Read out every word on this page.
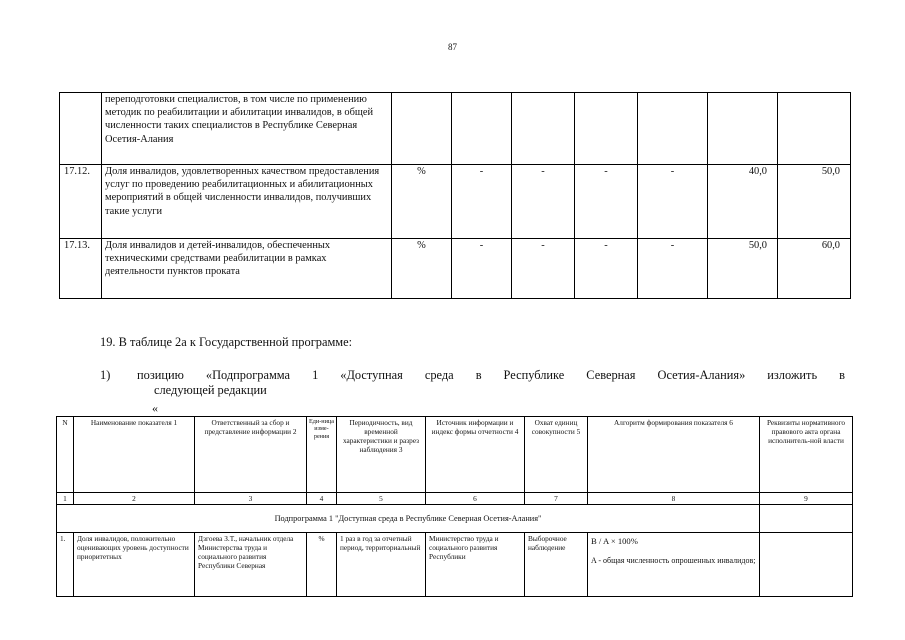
87
	переподготовки специалистов, в том числе по применению методик по реабилитации и абилитации инвалидов, в общей численности таких специалистов в Республике Северная Осетия-Алания							
17.12.	Доля инвалидов, удовлетворенных качеством предоставления услуг по проведению реабилитационных и абилитационных мероприятий в общей численности инвалидов, получивших такие услуги	%	-	-	-	-	40,0	50,0
17.13.	Доля инвалидов и детей-инвалидов, обеспеченных техническими средствами реабилитации в рамках деятельности пунктов проката	%	-	-	-	-	50,0	60,0
19. В таблице 2а к Государственной программе:
1) позицию «Подпрограмма 1 «Доступная среда в Республике Северная Осетия-Алания» изложить в
следующей редакции
«
N	Наименование показателя 1	Ответственный за сбор и представление информации 2	Еди-ница изме-рения	Периодичность, вид временной характеристики и разрез наблюдения 3	Источник информации и индекс формы отчетности 4	Охват единиц совокупности 5	Алгоритм формирования показателя 6	Реквизиты нормативного правового акта органа исполнитель-ной власти
1	2	3	4	5	6	7	8	9
Подпрограмма 1 "Доступная среда в Республике Северная Осетия-Алания"								
1.	Доля инвалидов, положительно оценивающих уровень доступности приоритетных	Дзгоева З.Т., начальник отдела Министерства труда и социального развития Республики Северная	%	1 раз в год за отчетный период, территориальный	Министерство труда и социального развития Республики	Выборочное наблюдение	B / A × 100%
A - общая численность опрошенных инвалидов;	
